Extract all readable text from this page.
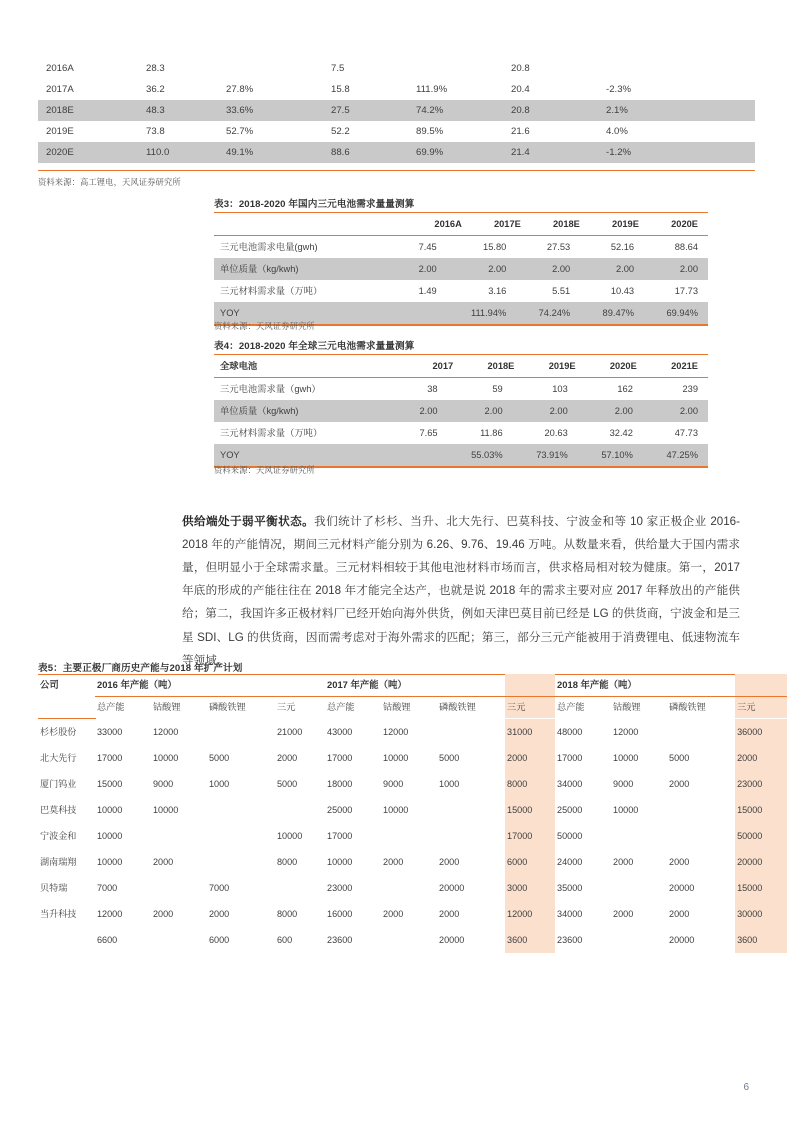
2016A	28.3		7.5		20.8	
2017A	36.2	27.8%	15.8	111.9%	20.4	-2.3%
2018E	48.3	33.6%	27.5	74.2%	20.8	2.1%
2019E	73.8	52.7%	52.2	89.5%	21.6	4.0%
2020E	110.0	49.1%	88.6	69.9%	21.4	-1.2%
资料来源：高工锂电，天风证券研究所
表3：2018-2020 年国内三元电池需求量量测算
	2016A	2017E	2018E	2019E	2020E
三元电池需求电量(gwh)	7.45	15.80	27.53	52.16	88.64
单位质量（kg/kwh)	2.00	2.00	2.00	2.00	2.00
三元材料需求量（万吨）	1.49	3.16	5.51	10.43	17.73
YOY		111.94%	74.24%	89.47%	69.94%
资料来源：天风证券研究所
表4：2018-2020 年全球三元电池需求量量测算
全球电池	2017	2018E	2019E	2020E	2021E
三元电池需求量（gwh）	38	59	103	162	239
单位质量（kg/kwh)	2.00	2.00	2.00	2.00	2.00
三元材料需求量（万吨）	7.65	11.86	20.63	32.42	47.73
YOY		55.03%	73.91%	57.10%	47.25%
资料来源：天风证券研究所

供给端处于弱平衡状态。我们统计了杉杉、当升、北大先行、巴莫科技、宁波金和等 10 家正极企业 2016-2018 年的产能情况，期间三元材料产能分别为 6.26、9.76、19.46 万吨。从数量来看，供给量大于国内需求量，但明显小于全球需求量。三元材料相较于其他电池材料市场而言，供求格局相对较为健康。第一，2017 年底的形成的产能往往在 2018 年才能完全达产，也就是说 2018 年的需求主要对应 2017 年释放出的产能供给；第二，我国许多正极材料厂已经开始向海外供货，例如天津巴莫目前已经是 LG 的供货商，宁波金和是三星 SDI、LG 的供货商，因而需考虑对于海外需求的匹配；第三，部分三元产能被用于消费锂电、低速物流车等领域。

表5：主要正极厂商历史产能与2018 年扩产计划
公司	2016 年产能（吨）				2017 年产能（吨）				2018 年产能（吨）			
	总产能	钴酸锂	磷酸铁锂	三元	总产能	钴酸锂	磷酸铁锂	三元	总产能	钴酸锂	磷酸铁锂	三元

杉杉股份	33000	12000		21000	43000	12000		31000	48000	12000		36000
北大先行	17000	10000	5000	2000	17000	10000	5000	2000	17000	10000	5000	2000
厦门钨业	15000	9000	1000	5000	18000	9000	1000	8000	34000	9000	2000	23000
巴莫科技	10000	10000			25000	10000		15000	25000	10000		15000
宁波金和	10000			10000	17000			17000	50000			50000
湖南瑞翔	10000	2000		8000	10000	2000	2000	6000	24000	2000	2000	20000
贝特瑞	7000		7000		23000		20000	3000	35000		20000	15000
当升科技	12000	2000	2000	8000	16000	2000	2000	12000	34000	2000	2000	30000
	6600		6000	600	23600		20000	3600	23600		20000	3600
6
